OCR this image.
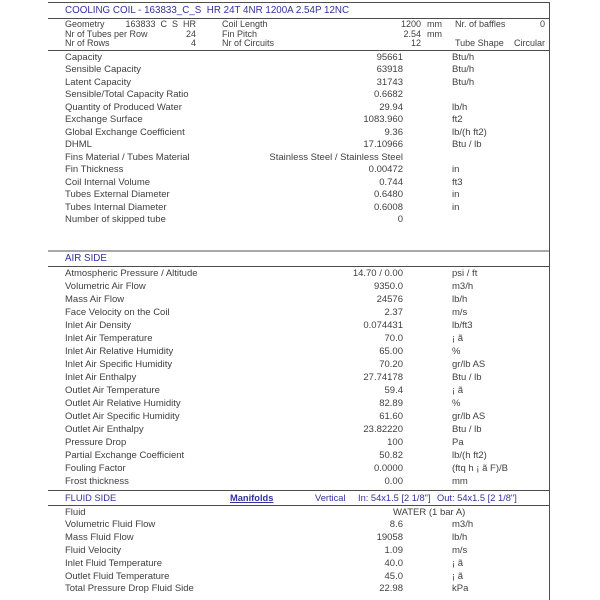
COOLING COIL - 163833_C_S  HR 24T 4NR 1200A 2.54P 12NC
Geometry	163833  C  S  HR	Coil Length	1200 mm	Nr. of baffles	0
Nr of Tubes per Row	24	Fin Pitch	2.54 mm
Nr of Rows	4	Nr of Circuits	12	Tube Shape Circular
Capacity	95661	Btu/h
Sensible Capacity	63918	Btu/h
Latent Capacity	31743	Btu/h
Sensible/Total Capacity Ratio	0.6682
Quantity of Produced Water	29.94	lb/h
Exchange Surface	1083.960	ft2
Global Exchange Coefficient	9.36	lb/(h ft2)
DHML	17.10966	Btu / lb
Fins Material / Tubes Material	Stainless Steel / Stainless Steel
Fin Thickness	0.00472	in
Coil Internal Volume	0.744	ft3
Tubes External Diameter	0.6480	in
Tubes Internal Diameter	0.6008	in
Number of skipped tube	0
AIR SIDE
Atmospheric Pressure / Altitude	14.70 / 0.00	psi / ft
Volumetric Air Flow	9350.0	m3/h
Mass Air Flow	24576	lb/h
Face Velocity on the Coil	2.37	m/s
Inlet Air Density	0.074431	lb/ft3
Inlet Air Temperature	70.0	¡ ã
Inlet Air Relative Humidity	65.00	%
Inlet Air Specific Humidity	70.20	gr/lb AS
Inlet Air Enthalpy	27.74178	Btu / lb
Outlet Air Temperature	59.4	¡ ã
Outlet Air Relative Humidity	82.89	%
Outlet Air Specific Humidity	61.60	gr/lb AS
Outlet Air Enthalpy	23.82220	Btu / lb
Pressure Drop	100	Pa
Partial Exchange Coefficient	50.82	lb/(h ft2)
Fouling Factor	0.0000	(ftq h ¡ ã F)/B
Frost thickness	0.00	mm
FLUID SIDE	Manifolds	Vertical	In: 54x1.5 [2 1/8"] Out: 54x1.5 [2 1/8"]
Fluid	WATER (1 bar A)
Volumetric Fluid Flow	8.6	m3/h
Mass Fluid Flow	19058	lb/h
Fluid Velocity	1.09	m/s
Inlet Fluid Temperature	40.0	¡ ã
Outlet Fluid Temperature	45.0	¡ ã
Total Pressure Drop Fluid Side	22.98	kPa
